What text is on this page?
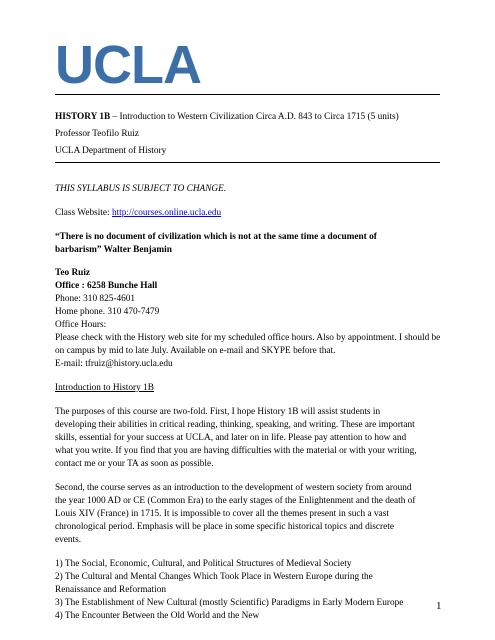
UCLA
HISTORY 1B – Introduction to Western Civilization Circa A.D. 843 to Circa 1715 (5 units)
Professor Teofilo Ruiz
UCLA Department of History
THIS SYLLABUS IS SUBJECT TO CHANGE.
Class Website: http://courses.online.ucla.edu
“There is no document of civilization which is not at the same time a document of
barbarism” Walter Benjamin
Teo Ruiz
Office : 6258 Bunche Hall
Phone: 310 825-4601
Home phone. 310 470-7479
Office Hours:
Please check with the History web site for my scheduled office hours. Also by appointment. I should be
on campus by mid to late July. Available on e-mail and SKYPE before that.
E-mail: tfruiz@history.ucla.edu
Introduction to History 1B
The purposes of this course are two-fold. First, I hope History 1B will assist students in
developing their abilities in critical reading, thinking, speaking, and writing. These are important
skills, essential for your success at UCLA, and later on in life. Please pay attention to how and
what you write. If you find that you are having difficulties with the material or with your writing,
contact me or your TA as soon as possible.
Second, the course serves as an introduction to the development of western society from around
the year 1000 AD or CE (Common Era) to the early stages of the Enlightenment and the death of
Louis XIV (France) in 1715. It is impossible to cover all the themes present in such a vast
chronological period. Emphasis will be place in some specific historical topics and discrete
events.
1) The Social, Economic, Cultural, and Political Structures of Medieval Society
2) The Cultural and Mental Changes Which Took Place in Western Europe during the
Renaissance and Reformation
3) The Establishment of New Cultural (mostly Scientific) Paradigms in Early Modern Europe
4) The Encounter Between the Old World and the New
1
